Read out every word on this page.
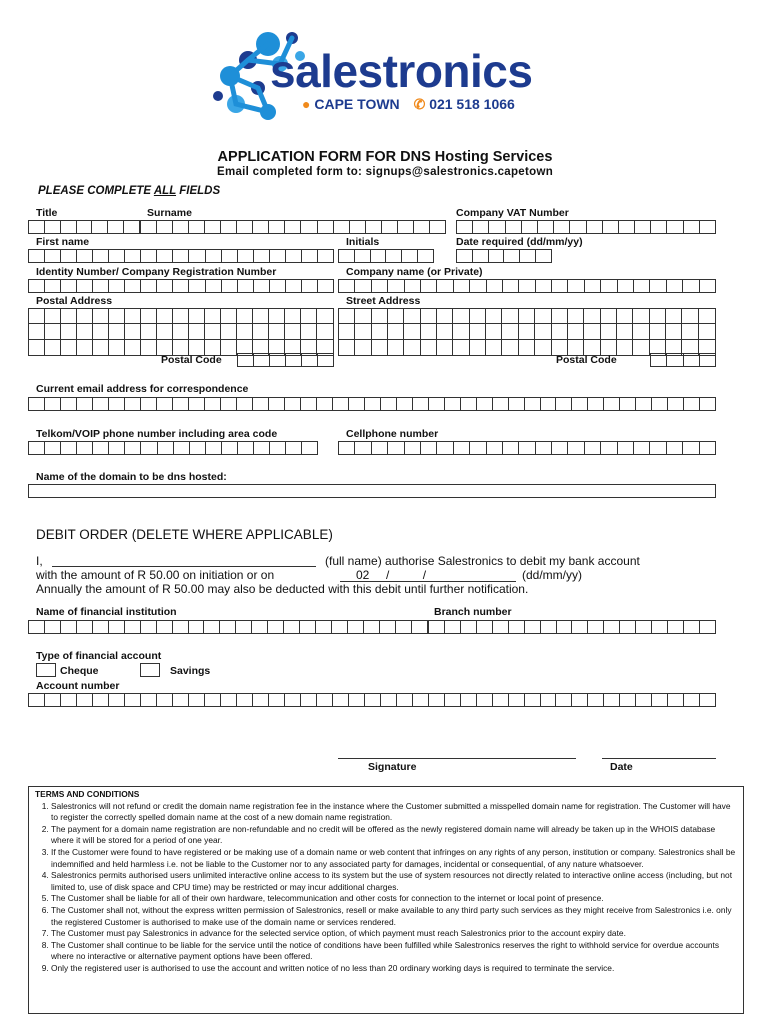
salestronics
● CAPE TOWN ✆ 021 518 1066
APPLICATION FORM FOR DNS Hosting Services
Email completed form to: signups@salestronics.capetown
PLEASE COMPLETE ALL FIELDS
Title	Surname	Company VAT Number
First name	Initials	Date required (dd/mm/yy)
Identity Number/ Company Registration Number	Company name (or Private)
Postal Address	Street Address
Postal Code	Postal Code
Current email address for correspondence
Telkom/VOIP phone number including area code	Cellphone number
Name of the domain to be dns hosted:
DEBIT ORDER (DELETE WHERE APPLICABLE)
I,	(full name) authorise Salestronics to debit my bank account
with the amount of R 50.00 on initiation or on	02     /          /	(dd/mm/yy)
Annually the amount of R 50.00 may also be deducted with this debit until further notification.
Name of financial institution	Branch number
Type of financial account
Cheque	Savings
Account number
Signature	Date
TERMS AND CONDITIONS
1. Salestronics will not refund or credit the domain name registration fee in the instance where the Customer submitted a misspelled domain name for registration. The Customer will have to register the correctly spelled domain name at the cost of a new domain name registration.
2. The payment for a domain name registration are non-refundable and no credit will be offered as the newly registered domain name will already be taken up in the WHOIS database where it will be stored for a period of one year.
3. If the Customer were found to have registered or be making use of a domain name or web content that infringes on any rights of any person, institution or company. Salestronics shall be indemnified and held harmless i.e. not be liable to the Customer nor to any associated party for damages, incidental or consequential, of any nature whatsoever.
4. Salestronics permits authorised users unlimited interactive online access to its system but the use of system resources not directly related to interactive online access (including, but not limited to, use of disk space and CPU time) may be restricted or may incur additional charges.
5. The Customer shall be liable for all of their own hardware, telecommunication and other costs for connection to the internet or local point of presence.
6. The Customer shall not, without the express written permission of Salestronics, resell or make available to any third party such services as they might receive from Salestronics i.e. only the registered Customer is authorised to make use of the domain name or services rendered.
7. The Customer must pay Salestronics in advance for the selected service option, of which payment must reach Salestronics prior to the account expiry date.
8. The Customer shall continue to be liable for the service until the notice of conditions have been fulfilled while Salestronics reserves the right to withhold service for overdue accounts where no interactive or alternative payment options have been offered.
9. Only the registered user is authorised to use the account and written notice of no less than 20 ordinary working days is required to terminate the service.
